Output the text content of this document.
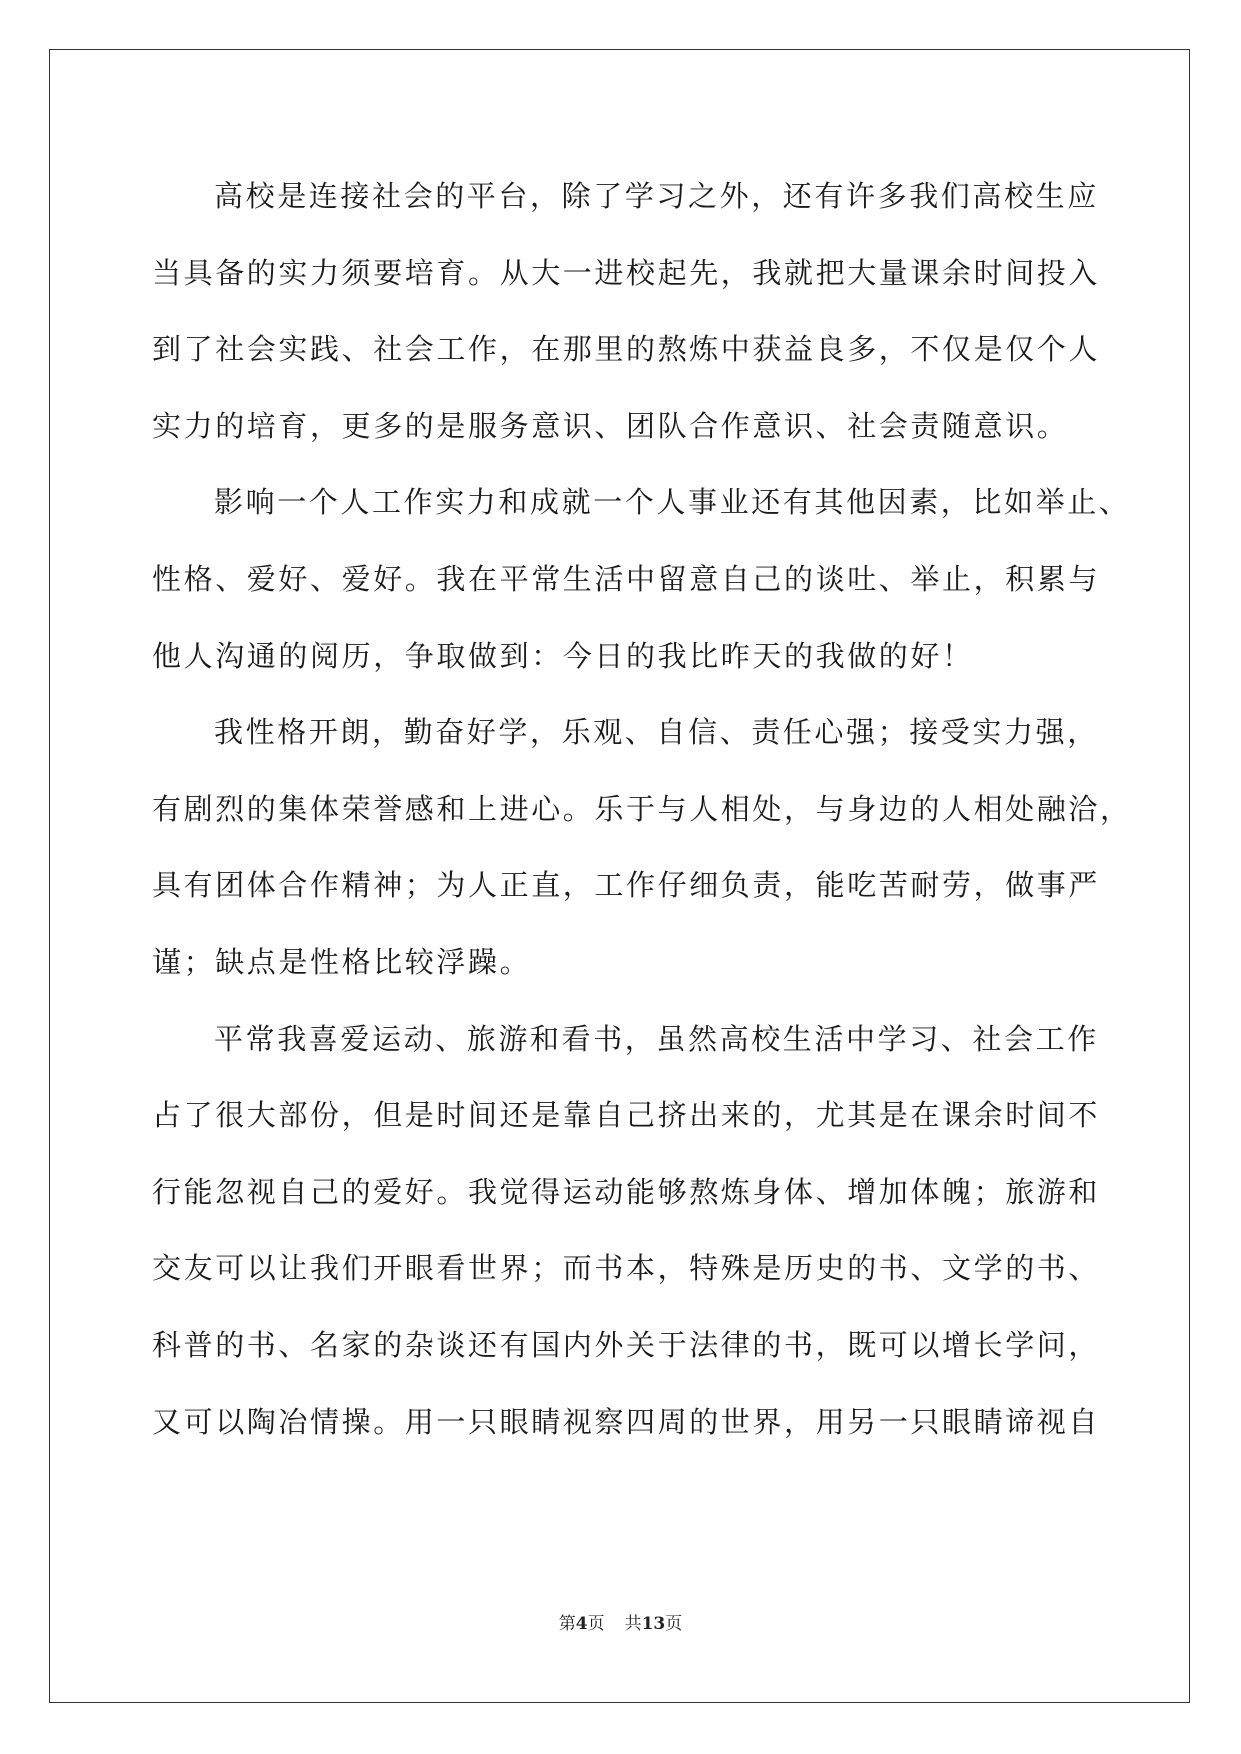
高校是连接社会的平台，除了学习之外，还有许多我们高校生应
当具备的实力须要培育。从大一进校起先，我就把大量课余时间投入
到了社会实践、社会工作，在那里的熬炼中获益良多，不仅是仅个人
实力的培育，更多的是服务意识、团队合作意识、社会责随意识。
影响一个人工作实力和成就一个人事业还有其他因素，比如举止、
性格、爱好、爱好。我在平常生活中留意自己的谈吐、举止，积累与
他人沟通的阅历，争取做到：今日的我比昨天的我做的好！
我性格开朗，勤奋好学，乐观、自信、责任心强；接受实力强，
有剧烈的集体荣誉感和上进心。乐于与人相处，与身边的人相处融洽，
具有团体合作精神；为人正直，工作仔细负责，能吃苦耐劳，做事严
谨；缺点是性格比较浮躁。
平常我喜爱运动、旅游和看书，虽然高校生活中学习、社会工作
占了很大部份，但是时间还是靠自己挤出来的，尤其是在课余时间不
行能忽视自己的爱好。我觉得运动能够熬炼身体、增加体魄；旅游和
交友可以让我们开眼看世界；而书本，特殊是历史的书、文学的书、
科普的书、名家的杂谈还有国内外关于法律的书，既可以增长学问，
又可以陶冶情操。用一只眼睛视察四周的世界，用另一只眼睛谛视自
第4页 共13页
